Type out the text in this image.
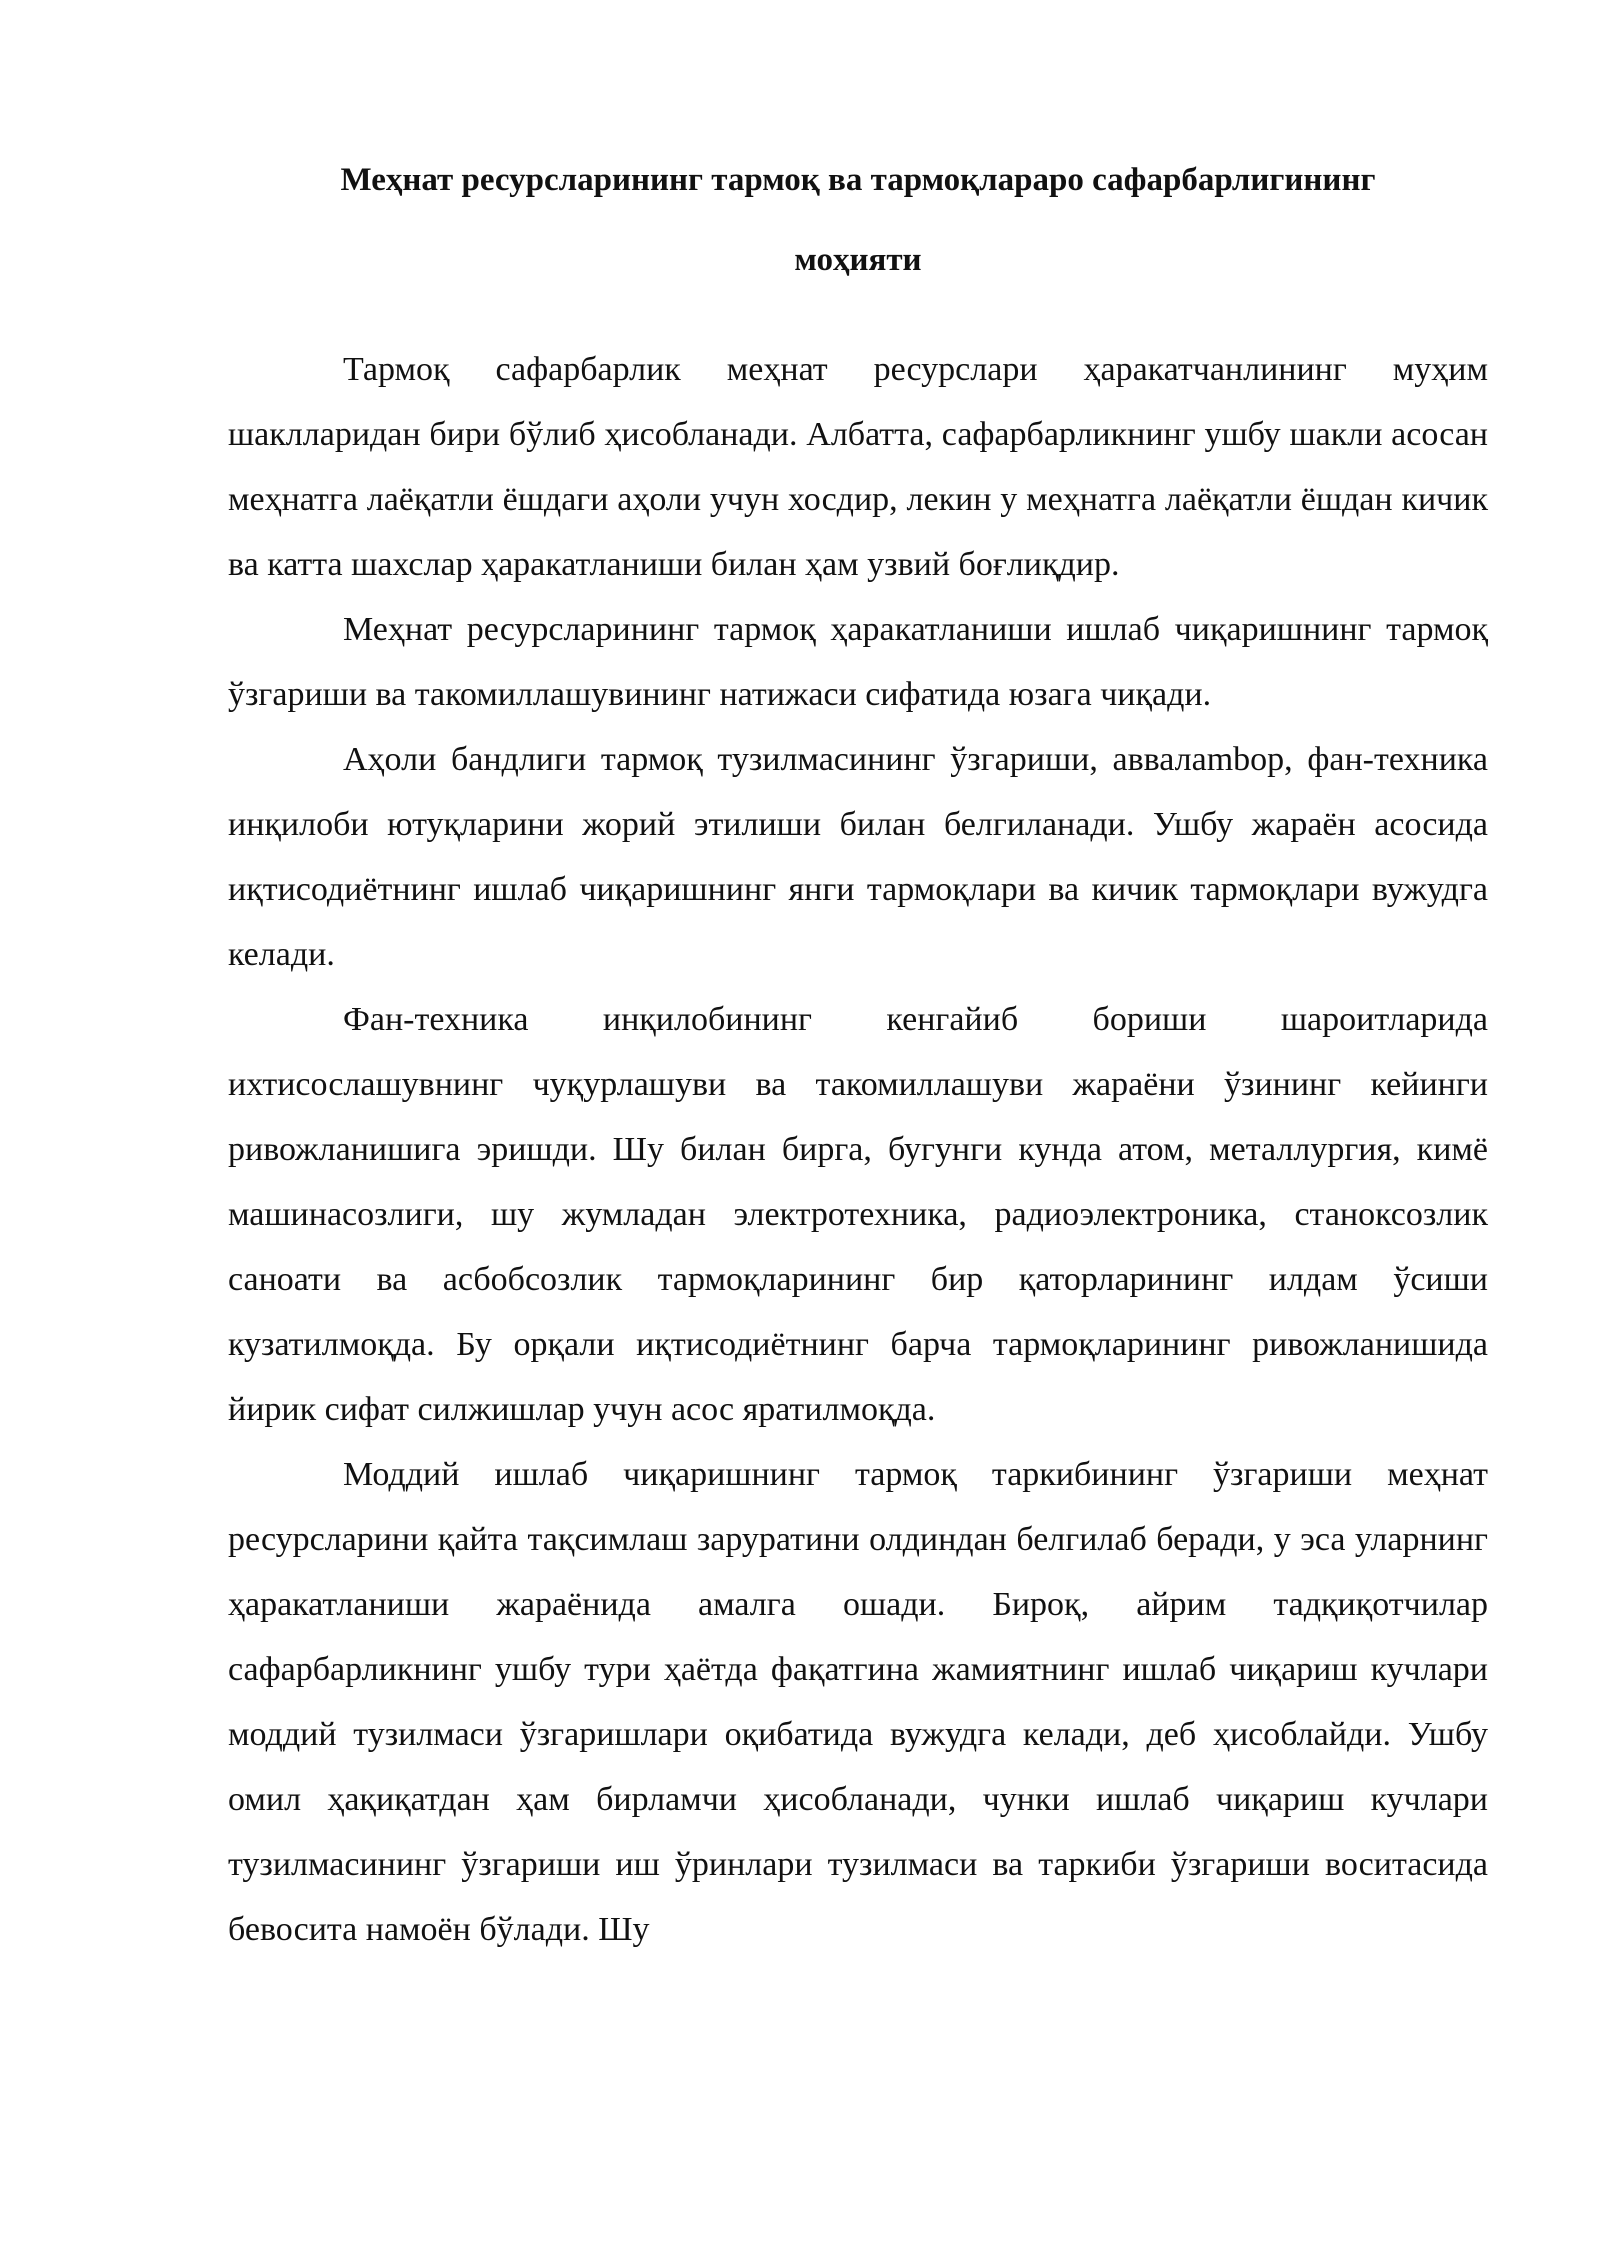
Меҳнат ресурсларининг тармоқ ва тармоқлараро сафарбарлигининг
моҳияти

Тармоқ сафарбарлик меҳнат ресурслари ҳаракатчанлининг муҳим шаклларидан бири бўлиб ҳисобланади. Албатта, сафарбарликнинг ушбу шакли асосан меҳнатга лаёқатли ёшдаги аҳоли учун хосдир, лекин у меҳнатга лаёқатли ёшдан кичик ва катта шахслар ҳаракатланиши билан ҳам узвий боғлиқдир.

Меҳнат ресурсларининг тармоқ ҳаракатланиши ишлаб чиқаришнинг тармоқ ўзгариши ва такомиллашувининг натижаси сифатида юзага чиқади.

Аҳоли бандлиги тармоқ тузилмасининг ўзгариши, аввалambор, фан-техника инқилоби ютуқларини жорий этилиши билан белгиланади. Ушбу жараён асосида иқтисодиётнинг ишлаб чиқаришнинг янги тармоқлари ва кичик тармоқлари вужудга келади.

Фан-техника инқилобининг кенгайиб бориши шароитларида ихтисослашувнинг чуқурлашуви ва такомиллашуви жараёни ўзининг кейинги ривожланишига эришди. Шу билан бирга, бугунги кунда атом, металлургия, кимё машинасозлиги, шу жумладан электротехника, радиоэлектроника, станоксозлик саноати ва асбобсозлик тармоқларининг бир қаторларининг илдам ўсиши кузатилмоқда. Бу орқали иқтисодиётнинг барча тармоқларининг ривожланишида йирик сифат силжишлар учун асос яратилмоқда.

Моддий ишлаб чиқаришнинг тармоқ таркибининг ўзгариши меҳнат ресурсларини қайта тақсимлаш заруратини олдиндан белгилаб беради, у эса уларнинг ҳаракатланиши жараёнида амалга ошади. Бироқ, айрим тадқиқотчилар сафарбарликнинг ушбу тури ҳаётда фақатгина жамиятнинг ишлаб чиқариш кучлари моддий тузилмаси ўзгаришлари оқибатида вужудга келади, деб ҳисоблайди. Ушбу омил ҳақиқатдан ҳам бирламчи ҳисобланади, чунки ишлаб чиқариш кучлари тузилмасининг ўзгариши иш ўринлари тузилмаси ва таркиби ўзгариши воситасида бевосита намоён бўлади. Шу
